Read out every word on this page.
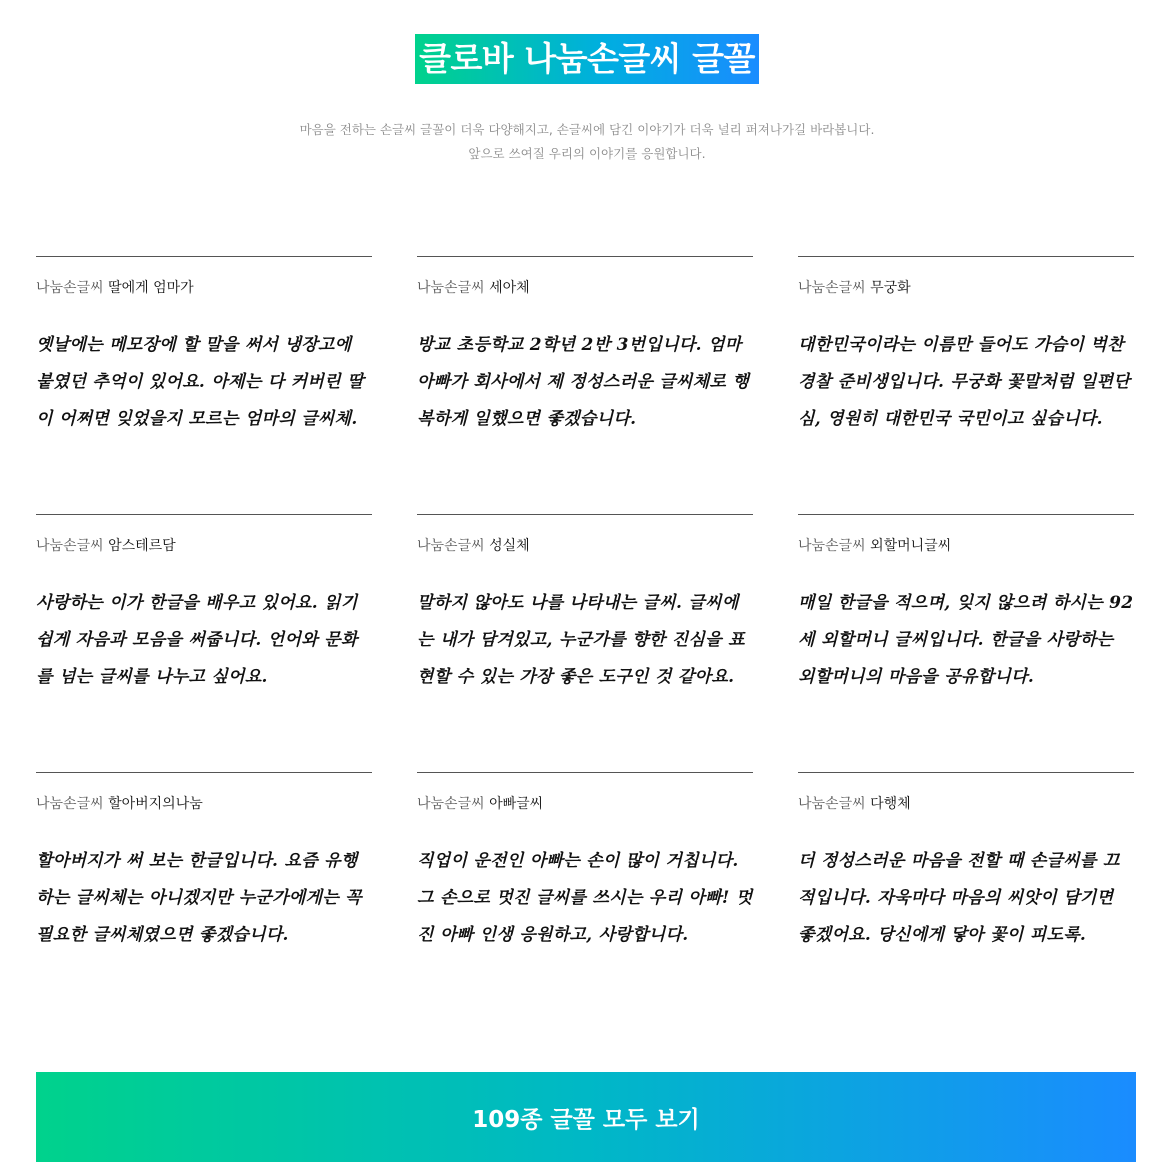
클로바 나눔손글씨 글꼴
마음을 전하는 손글씨 글꼴이 더욱 다양해지고, 손글씨에 담긴 이야기가 더욱 널리 퍼져나가길 바라봅니다.
앞으로 쓰여질 우리의 이야기를 응원합니다.
나눔손글씨 딸에게 엄마가
옛날에는 메모장에 할 말을 써서 냉장고에 붙였던 추억이 있어요. 아제는 다 커버린 딸이 어쩌면 잊었을지 모르는 엄마의 글씨체.
나눔손글씨 세아체
방교 초등학교 2학년 2반 3번입니다. 엄마 아빠가 회사에서 제 정성스러운 글씨체로 행복하게 일했으면 좋겠습니다.
나눔손글씨 무궁화
대한민국이라는 이름만 들어도 가슴이 벅찬 경찰 준비생입니다. 무궁화 꽃말처럼 일편단심, 영원히 대한민국 국민이고 싶습니다.
나눔손글씨 암스테르담
사랑하는 이가 한글을 배우고 있어요. 읽기 쉽게 자음과 모음을 써줍니다. 언어와 문화를 넘는 글씨를 나누고 싶어요.
나눔손글씨 성실체
말하지 않아도 나를 나타내는 글씨. 글씨에는 내가 담겨있고, 누군가를 향한 진심을 표현할 수 있는 가장 좋은 도구인 것 같아요.
나눔손글씨 외할머니글씨
매일 한글을 적으며, 잊지 않으려 하시는 92세 외할머니 글씨입니다. 한글을 사랑하는 외할머니의 마음을 공유합니다.
나눔손글씨 할아버지의나눔
할아버지가 써 보는 한글입니다. 요즘 유행하는 글씨체는 아니겠지만 누군가에게는 꼭 필요한 글씨체였으면 좋겠습니다.
나눔손글씨 아빠글씨
직업이 운전인 아빠는 손이 많이 거칩니다. 그 손으로 멋진 글씨를 쓰시는 우리 아빠! 멋진 아빠 인생 응원하고, 사랑합니다.
나눔손글씨 다행체
더 정성스러운 마음을 전할 때 손글씨를 끄적입니다. 자욱마다 마음의 씨앗이 담기면 좋겠어요. 당신에게 닿아 꽃이 피도록.
109종 글꼴 모두 보기
